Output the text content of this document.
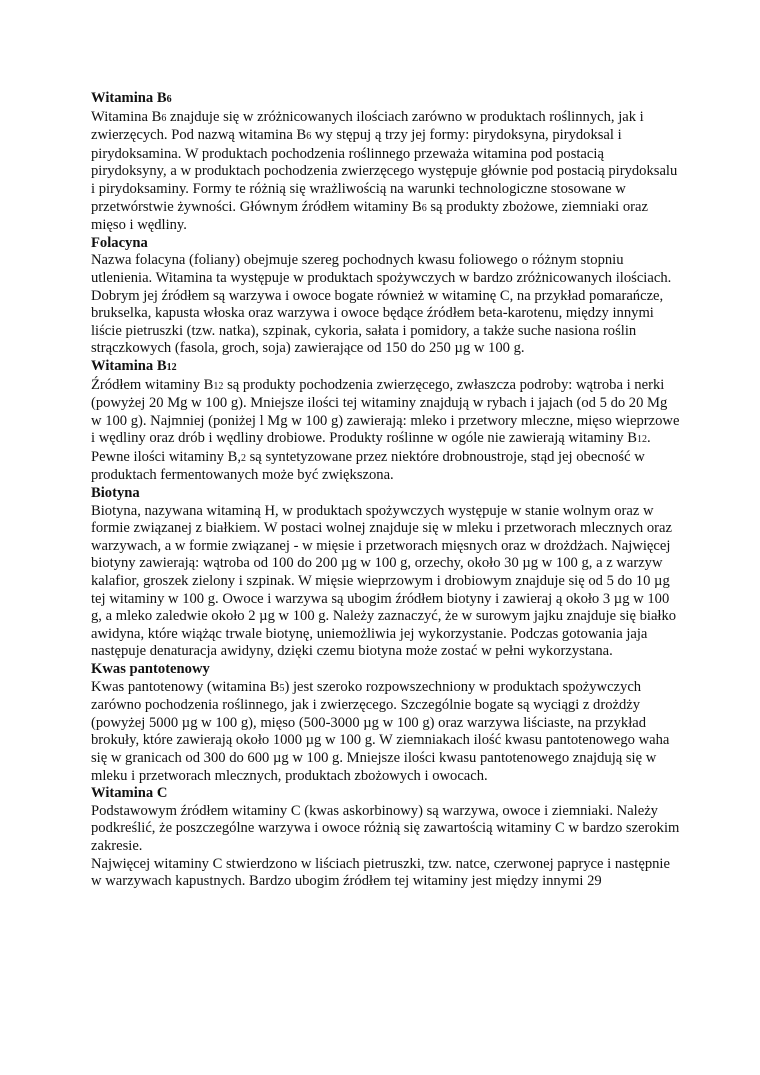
Witamina B6

Witamina B6 znajduje się w zróżnicowanych ilościach zarówno w produktach roślinnych, jak i zwierzęcych. Pod nazwą witamina B6 wy stępuj ą trzy jej formy: pirydoksyna, pirydoksal i pirydoksamina. W produktach pochodzenia roślinnego przeważa witamina pod postacią pirydoksyny, a w produktach pochodzenia zwierzęcego występuje głównie pod postacią pirydoksalu i pirydoksaminy. Formy te różnią się wrażliwością na warunki technologiczne stosowane w przetwórstwie żywności. Głównym źródłem witaminy B6 są produkty zbożowe, ziemniaki oraz mięso i wędliny.

Folacyna

Nazwa folacyna (foliany) obejmuje szereg pochodnych kwasu foliowego o różnym stopniu utlenienia. Witamina ta występuje w produktach spożywczych w bardzo zróżnicowanych ilościach. Dobrym jej źródłem są warzywa i owoce bogate również w witaminę C, na przykład pomarańcze, brukselka, kapusta włoska oraz warzywa i owoce będące źródłem beta-karotenu, między innymi liście pietruszki (tzw. natka), szpinak, cykoria, sałata i pomidory, a także suche nasiona roślin strączkowych (fasola, groch, soja) zawierające od 150 do 250 µg w 100 g.

Witamina B12

Źródłem witaminy B12 są produkty pochodzenia zwierzęcego, zwłaszcza podroby: wątroba i nerki (powyżej 20 Mg w 100 g). Mniejsze ilości tej witaminy znajdują w rybach i jajach (od 5 do 20 Mg w 100 g). Najmniej (poniżej l Mg w 100 g) zawierają: mleko i przetwory mleczne, mięso wieprzowe i wędliny oraz drób i wędliny drobiowe. Produkty roślinne w ogóle nie zawierają witaminy B12. Pewne ilości witaminy B,2 są syntetyzowane przez niektóre drobnoustroje, stąd jej obecność w produktach fermentowanych może być zwiększona.

Biotyna

Biotyna, nazywana witaminą H, w produktach spożywczych występuje w stanie wolnym oraz w formie związanej z białkiem. W postaci wolnej znajduje się w mleku i przetworach mlecznych oraz warzywach, a w formie związanej - w mięsie i przetworach mięsnych oraz w drożdżach. Najwięcej biotyny zawierają: wątroba od 100 do 200 µg w 100 g, orzechy, około 30 µg w 100 g, a z warzyw kalafior, groszek zielony i szpinak. W mięsie wieprzowym i drobiowym znajduje się od 5 do 10 µg tej witaminy w 100 g. Owoce i warzywa są ubogim źródłem biotyny i zawieraj ą około 3 µg w 100 g, a mleko zaledwie około 2 µg w 100 g. Należy zaznaczyć, że w surowym jajku znajduje się białko awidyna, które wiążąc trwale biotynę, uniemożliwia jej wykorzystanie. Podczas gotowania jaja następuje denaturacja awidyny, dzięki czemu biotyna może zostać w pełni wykorzystana.

Kwas pantotenowy

Kwas pantotenowy (witamina B5) jest szeroko rozpowszechniony w produktach spożywczych zarówno pochodzenia roślinnego, jak i zwierzęcego. Szczególnie bogate są wyciągi z drożdży (powyżej 5000 µg w 100 g), mięso (500-3000 µg w 100 g) oraz warzywa liściaste, na przykład brokuły, które zawierają około 1000 µg w 100 g. W ziemniakach ilość kwasu pantotenowego waha się w granicach od 300 do 600 µg w 100 g. Mniejsze ilości kwasu pantotenowego znajdują się w mleku i przetworach mlecznych, produktach zbożowych i owocach.

Witamina C

Podstawowym źródłem witaminy C (kwas askorbinowy) są warzywa, owoce i ziemniaki. Należy podkreślić, że poszczególne warzywa i owoce różnią się zawartością witaminy C w bardzo szerokim zakresie.

Najwięcej witaminy C stwierdzono w liściach pietruszki, tzw. natce, czerwonej papryce i następnie w warzywach kapustnych. Bardzo ubogim źródłem tej witaminy jest między innymi 29
